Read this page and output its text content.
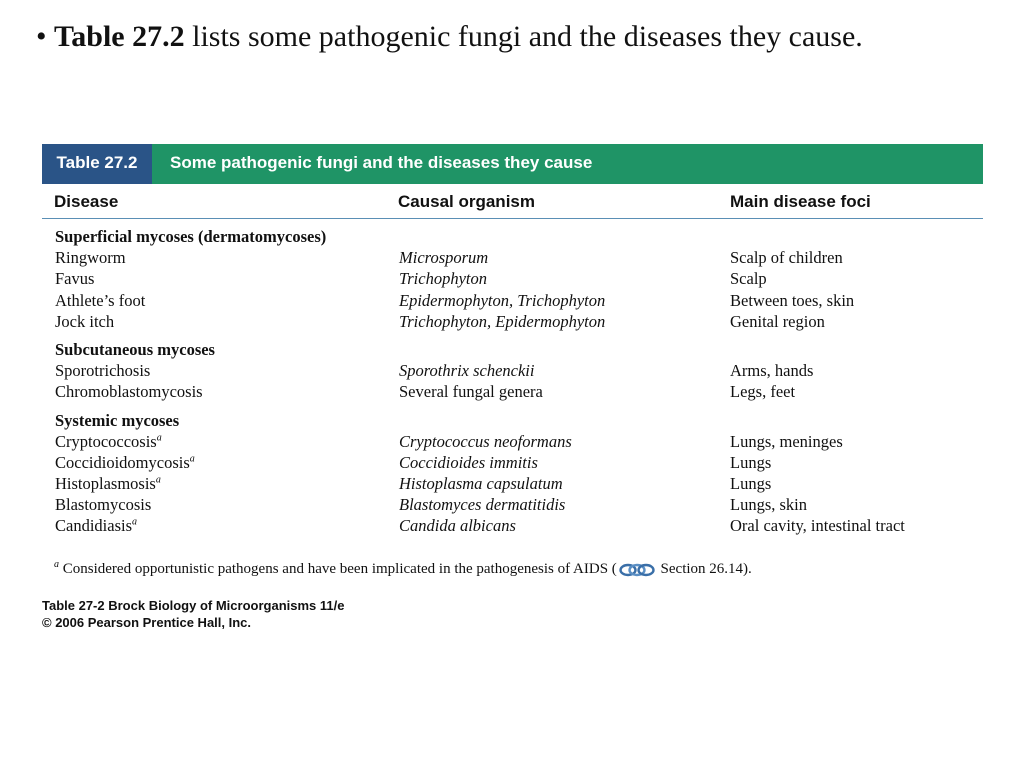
• Table 27.2 lists some pathogenic fungi and the diseases they cause.
Table 27.2	Some pathogenic fungi and the diseases they cause
Disease	Causal organism	Main disease foci
Superficial mycoses (dermatomycoses)
Ringworm	Microsporum	Scalp of children
Favus	Trichophyton	Scalp
Athlete’s foot	Epidermophyton, Trichophyton	Between toes, skin
Jock itch	Trichophyton, Epidermophyton	Genital region
Subcutaneous mycoses
Sporotrichosis	Sporothrix schenckii	Arms, hands
Chromoblastomycosis	Several fungal genera	Legs, feet
Systemic mycoses
Cryptococcosis$^a$	Cryptococcus neoformans	Lungs, meninges
Coccidioidomycosis$^a$	Coccidioides immitis	Lungs
Histoplasmosis$^a$	Histoplasma capsulatum	Lungs
Blastomycosis	Blastomyces dermatitidis	Lungs, skin
Candidiasis$^a$	Candida albicans	Oral cavity, intestinal tract
$^a$ Considered opportunistic pathogens and have been implicated in the pathogenesis of AIDS (	Section 26.14).
Table 27-2 Brock Biology of Microorganisms 11/e
© 2006 Pearson Prentice Hall, Inc.
